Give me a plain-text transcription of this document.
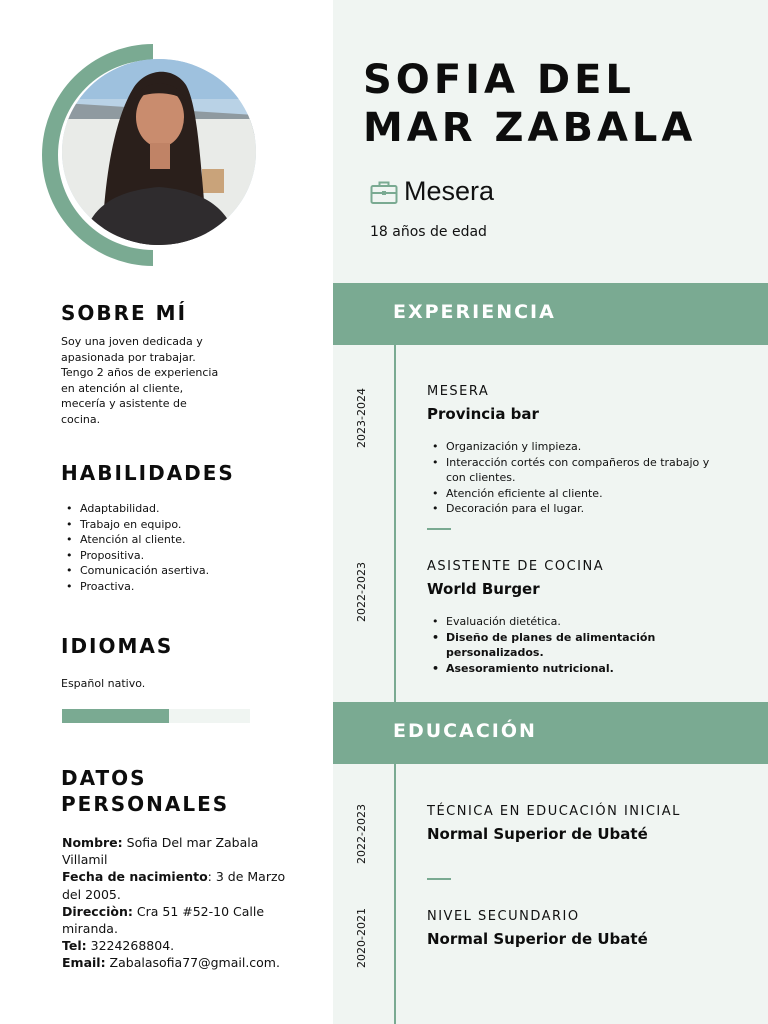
SOFIA DEL
MAR ZABALA
Mesera
18 años de edad
SOBRE MÍ

Soy una joven dedicada y
apasionada por trabajar.
Tengo 2 años de experiencia
en atención al cliente,
mecería y asistente de
cocina.

HABILIDADES
• Adaptabilidad.
• Trabajo en equipo.
• Atención al cliente.
• Propositiva.
• Comunicación asertiva.
• Proactiva.
IDIOMAS

Español nativo.

DATOS
PERSONALES

Nombre: Sofia Del mar Zabala Villamil
Fecha de nacimiento: 3 de Marzo del 2005.
Direcciòn: Cra 51 #52-10 Calle miranda.
Tel: 3224268804.
Email: Zabalasofia77@gmail.com.

EXPERIENCIA
2023-2024	MESERA
Provincia bar
• Organización y limpieza.
• Interacción cortés con compañeros de trabajo y con clientes.
• Atención eficiente al cliente.
• Decoración para el lugar.
2022-2023	ASISTENTE DE COCINA
World Burger
• Evaluación dietética.
• Diseño de planes de alimentación personalizados.
• Asesoramiento nutricional.
EDUCACIÓN
2022-2023	TÉCNICA EN EDUCACIÓN INICIAL
Normal Superior de Ubaté
2020-2021	NIVEL SECUNDARIO
Normal Superior de Ubaté
